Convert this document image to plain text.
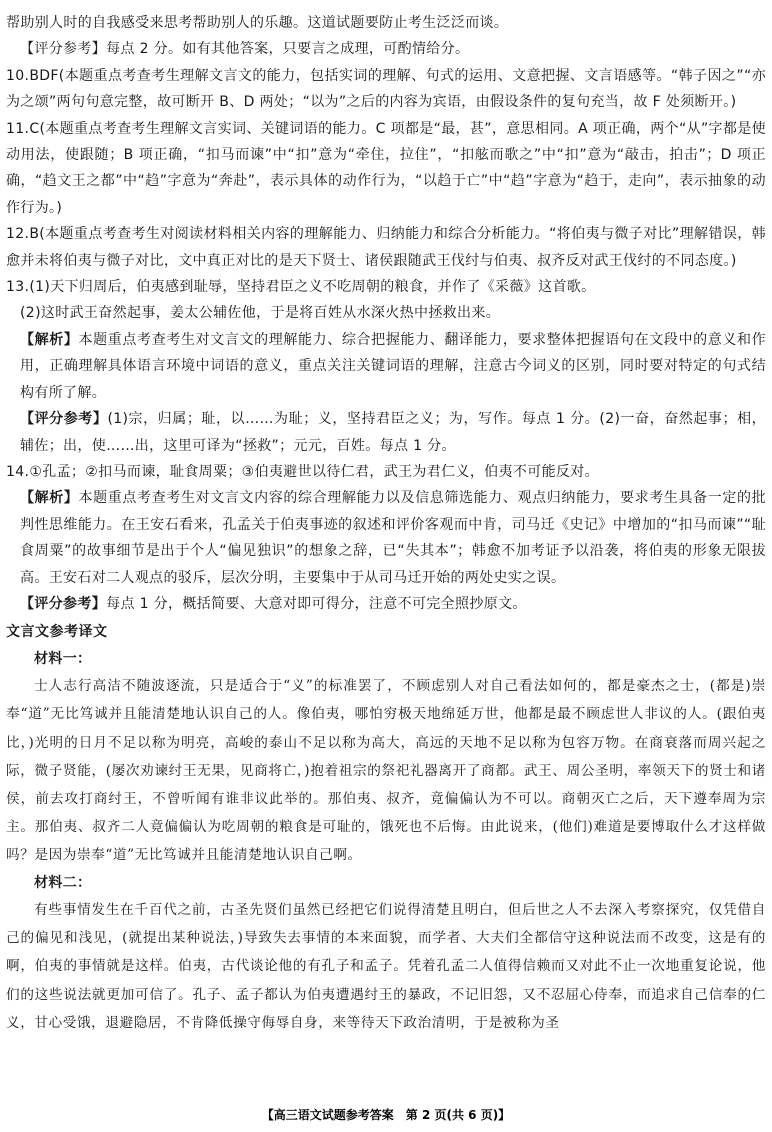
帮助别人时的自我感受来思考帮助别人的乐趣。这道试题要防止考生泛泛而谈。

【评分参考】每点 2 分。如有其他答案，只要言之成理，可酌情给分。

10.BDF(本题重点考查考生理解文言文的能力，包括实词的理解、句式的运用、文意把握、文言语感等。“韩子因之”“亦为之颂”两句句意完整，故可断开 B、D 两处；“以为”之后的内容为宾语，由假设条件的复句充当，故 F 处须断开。)

11.C(本题重点考查考生理解文言实词、关键词语的能力。C 项都是“最，甚”，意思相同。A 项正确，两个“从”字都是使动用法，使跟随；B 项正确，“扣马而谏”中“扣”意为“牵住，拉住”，“扣舷而歌之”中“扣”意为“敲击，拍击”；D 项正确，“趋文王之都”中“趋”字意为“奔赴”，表示具体的动作行为，“以趋于亡”中“趋”字意为“趋于，走向”，表示抽象的动作行为。)

12.B(本题重点考查考生对阅读材料相关内容的理解能力、归纳能力和综合分析能力。“将伯夷与微子对比”理解错误，韩愈并未将伯夷与微子对比，文中真正对比的是天下贤士、诸侯跟随武王伐纣与伯夷、叔齐反对武王伐纣的不同态度。)

13.(1)天下归周后，伯夷感到耻辱，坚持君臣之义不吃周朝的粮食，并作了《采薇》这首歌。

(2)这时武王奋然起事，姜太公辅佐他，于是将百姓从水深火热中拯救出来。

【解析】本题重点考查考生对文言文的理解能力、综合把握能力、翻译能力，要求整体把握语句在文段中的意义和作用，正确理解具体语言环境中词语的意义，重点关注关键词语的理解，注意古今词义的区别，同时要对特定的句式结构有所了解。

【评分参考】(1)宗，归属；耻，以……为耻；义，坚持君臣之义；为，写作。每点 1 分。(2)一奋，奋然起事；相，辅佐；出，使……出，这里可译为“拯救”；元元，百姓。每点 1 分。

14.①孔孟；②扣马而谏，耻食周粟；③伯夷避世以待仁君，武王为君仁义，伯夷不可能反对。

【解析】本题重点考查考生对文言文内容的综合理解能力以及信息筛选能力、观点归纳能力，要求考生具备一定的批判性思维能力。在王安石看来，孔孟关于伯夷事迹的叙述和评价客观而中肯，司马迁《史记》中增加的“扣马而谏”“耻食周粟”的故事细节是出于个人“偏见独识”的想象之辞，已“失其本”；韩愈不加考证予以沿袭，将伯夷的形象无限拔高。王安石对二人观点的驳斥，层次分明，主要集中于从司马迁开始的两处史实之误。

【评分参考】每点 1 分，概括简要、大意对即可得分，注意不可完全照抄原文。

文言文参考译文

材料一：

士人志行高洁不随波逐流，只是适合于“义”的标准罢了，不顾虑别人对自己看法如何的，都是豪杰之士，(都是)崇奉“道”无比笃诚并且能清楚地认识自己的人。像伯夷，哪怕穷极天地绵延万世，他都是最不顾虑世人非议的人。(跟伯夷比，)光明的日月不足以称为明亮，高峻的泰山不足以称为高大，高远的天地不足以称为包容万物。在商衰落而周兴起之际，微子贤能，(屡次劝谏纣王无果，见商将亡，)抱着祖宗的祭祀礼器离开了商都。武王、周公圣明，率领天下的贤士和诸侯，前去攻打商纣王，不曾听闻有谁非议此举的。那伯夷、叔齐，竟偏偏认为不可以。商朝灭亡之后，天下遵奉周为宗主。那伯夷、叔齐二人竟偏偏认为吃周朝的粮食是可耻的，饿死也不后悔。由此说来，(他们)难道是要博取什么才这样做吗？是因为崇奉“道”无比笃诚并且能清楚地认识自己啊。

材料二：

有些事情发生在千百代之前，古圣先贤们虽然已经把它们说得清楚且明白，但后世之人不去深入考察探究，仅凭借自己的偏见和浅见，(就提出某种说法，)导致失去事情的本来面貌，而学者、大夫们全都信守这种说法而不改变，这是有的啊，伯夷的事情就是这样。伯夷，古代谈论他的有孔子和孟子。凭着孔孟二人值得信赖而又对此不止一次地重复论说，他们的这些说法就更加可信了。孔子、孟子都认为伯夷遭遇纣王的暴政，不记旧怨，又不忍屈心侍奉，而追求自己信奉的仁义，甘心受饿，退避隐居，不肯降低操守侮辱自身，来等待天下政治清明，于是被称为圣

【高三语文试题参考答案　第 2 页(共 6 页)】
